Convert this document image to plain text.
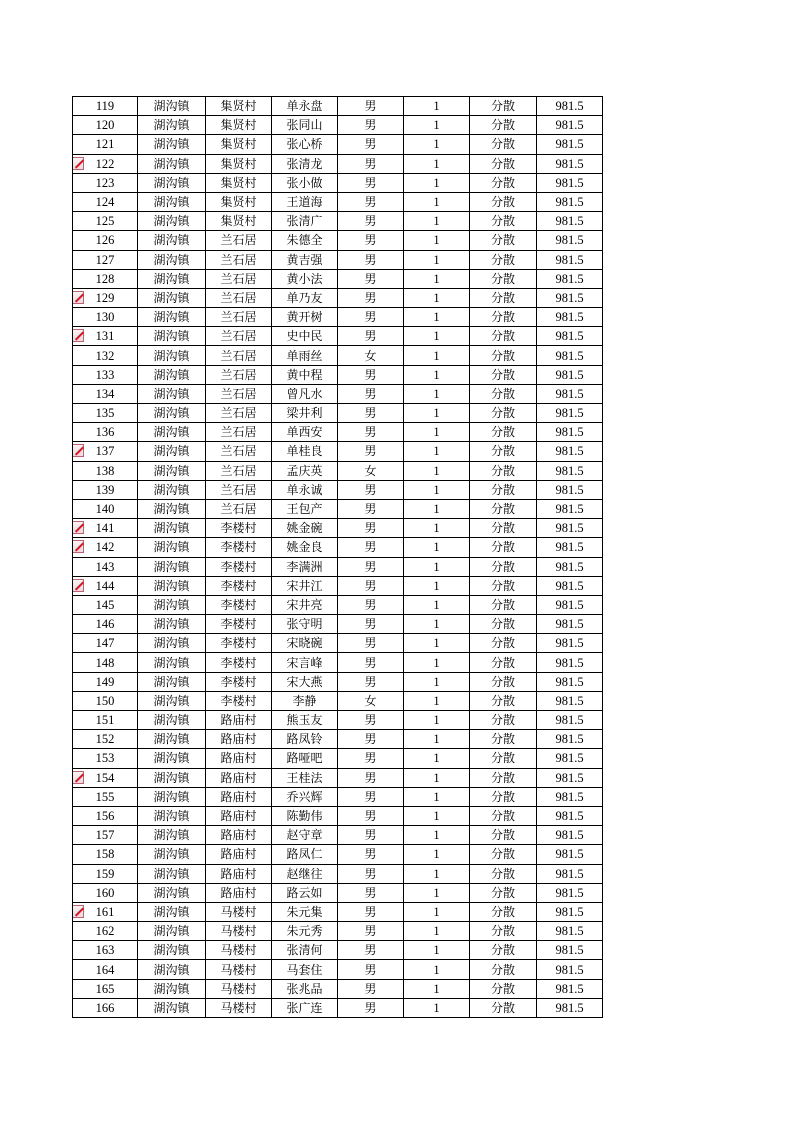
119	湖沟镇	集贤村	单永盘	男	1	分散	981.5
120	湖沟镇	集贤村	张同山	男	1	分散	981.5
121	湖沟镇	集贤村	张心桥	男	1	分散	981.5

122	湖沟镇	集贤村	张清龙	男	1	分散	981.5
123	湖沟镇	集贤村	张小做	男	1	分散	981.5
124	湖沟镇	集贤村	王道海	男	1	分散	981.5
125	湖沟镇	集贤村	张清广	男	1	分散	981.5
126	湖沟镇	兰石居	朱德全	男	1	分散	981.5
127	湖沟镇	兰石居	黄吉强	男	1	分散	981.5
128	湖沟镇	兰石居	黄小法	男	1	分散	981.5

129	湖沟镇	兰石居	单乃友	男	1	分散	981.5
130	湖沟镇	兰石居	黄开树	男	1	分散	981.5

131	湖沟镇	兰石居	史中民	男	1	分散	981.5
132	湖沟镇	兰石居	单雨丝	女	1	分散	981.5
133	湖沟镇	兰石居	黄中程	男	1	分散	981.5
134	湖沟镇	兰石居	曾凡水	男	1	分散	981.5
135	湖沟镇	兰石居	梁井利	男	1	分散	981.5
136	湖沟镇	兰石居	单西安	男	1	分散	981.5

137	湖沟镇	兰石居	单桂良	男	1	分散	981.5
138	湖沟镇	兰石居	孟庆英	女	1	分散	981.5
139	湖沟镇	兰石居	单永诚	男	1	分散	981.5
140	湖沟镇	兰石居	王包产	男	1	分散	981.5

141	湖沟镇	李楼村	姚金碗	男	1	分散	981.5

142	湖沟镇	李楼村	姚金良	男	1	分散	981.5
143	湖沟镇	李楼村	李满洲	男	1	分散	981.5

144	湖沟镇	李楼村	宋井江	男	1	分散	981.5
145	湖沟镇	李楼村	宋井亮	男	1	分散	981.5
146	湖沟镇	李楼村	张守明	男	1	分散	981.5
147	湖沟镇	李楼村	宋晓碗	男	1	分散	981.5
148	湖沟镇	李楼村	宋言峰	男	1	分散	981.5
149	湖沟镇	李楼村	宋大燕	男	1	分散	981.5
150	湖沟镇	李楼村	李静	女	1	分散	981.5
151	湖沟镇	路庙村	熊玉友	男	1	分散	981.5
152	湖沟镇	路庙村	路凤铃	男	1	分散	981.5
153	湖沟镇	路庙村	路哑吧	男	1	分散	981.5

154	湖沟镇	路庙村	王桂法	男	1	分散	981.5
155	湖沟镇	路庙村	乔兴辉	男	1	分散	981.5
156	湖沟镇	路庙村	陈勤伟	男	1	分散	981.5
157	湖沟镇	路庙村	赵守章	男	1	分散	981.5
158	湖沟镇	路庙村	路凤仁	男	1	分散	981.5
159	湖沟镇	路庙村	赵继往	男	1	分散	981.5
160	湖沟镇	路庙村	路云如	男	1	分散	981.5

161	湖沟镇	马楼村	朱元集	男	1	分散	981.5
162	湖沟镇	马楼村	朱元秀	男	1	分散	981.5
163	湖沟镇	马楼村	张清何	男	1	分散	981.5
164	湖沟镇	马楼村	马套住	男	1	分散	981.5
165	湖沟镇	马楼村	张兆品	男	1	分散	981.5
166	湖沟镇	马楼村	张广连	男	1	分散	981.5
